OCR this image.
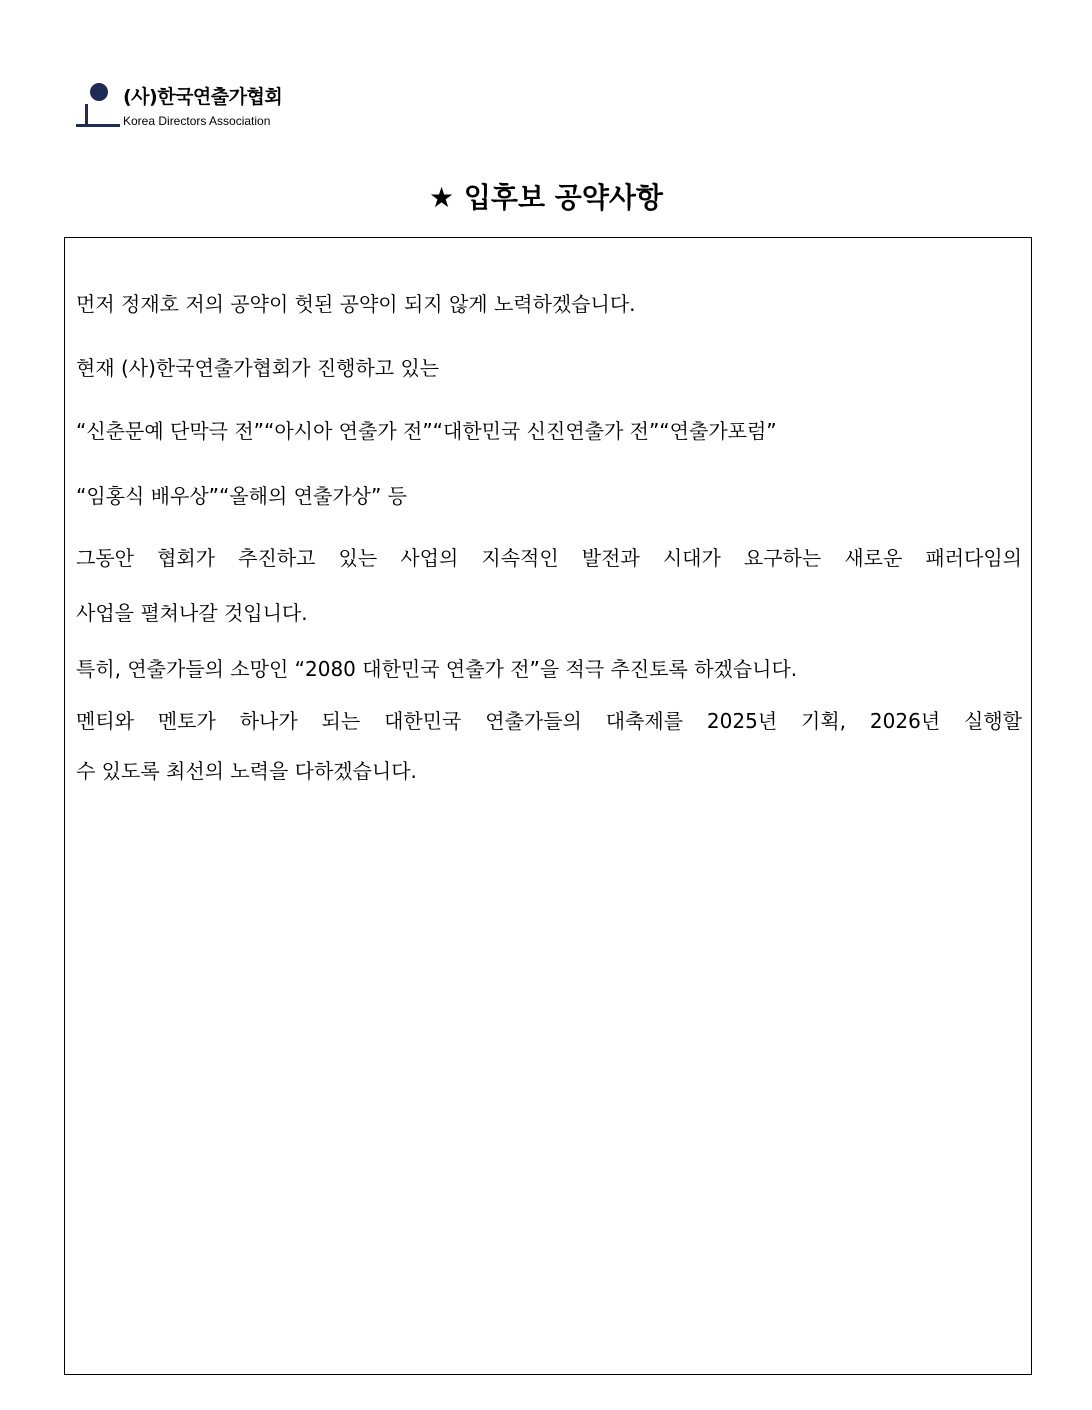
(사)한국연출가협회
Korea Directors Association
★ 입후보 공약사항
먼저 정재호 저의 공약이 헛된 공약이 되지 않게 노력하겠습니다.
현재 (사)한국연출가협회가 진행하고 있는
“신춘문예 단막극 전”“아시아 연출가 전”“대한민국 신진연출가 전”“연출가포럼”
“임홍식 배우상”“올해의 연출가상” 등
그동안 협회가 추진하고 있는 사업의 지속적인 발전과 시대가 요구하는 새로운 패러다임의
사업을 펼쳐나갈 것입니다.
특히, 연출가들의 소망인 “2080 대한민국 연출가 전”을 적극 추진토록 하겠습니다.
멘티와 멘토가 하나가 되는 대한민국 연출가들의 대축제를 2025년 기획, 2026년 실행할
수 있도록 최선의 노력을 다하겠습니다.
